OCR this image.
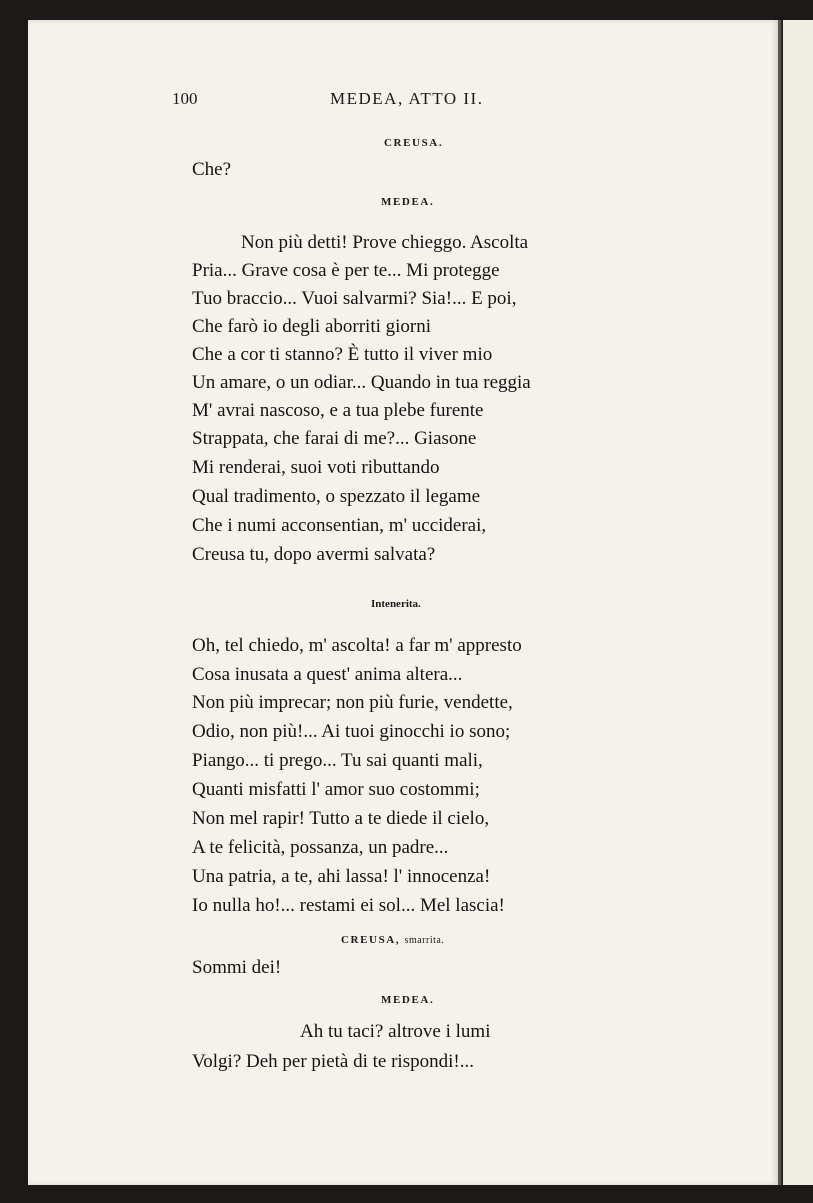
100	MEDEA, ATTO II.
CREUSA.
Che?
MEDEA.
Non più detti! Prove chieggo. Ascolta
Pria... Grave cosa è per te... Mi protegge
Tuo braccio... Vuoi salvarmi? Sia!... E poi,
Che farò io degli aborriti giorni
Che a cor ti stanno? È tutto il viver mio
Un amare, o un odiar... Quando in tua reggia
M' avrai nascoso, e a tua plebe furente
Strappata, che farai di me?... Giasone
Mi renderai, suoi voti ributtando
Qual tradimento, o spezzato il legame
Che i numi acconsentian, m' ucciderai,
Creusa tu, dopo avermi salvata?
Intenerita.
Oh, tel chiedo, m' ascolta! a far m' appresto
Cosa inusata a quest' anima altera...
Non più imprecar; non più furie, vendette,
Odio, non più!... Ai tuoi ginocchi io sono;
Piango... ti prego... Tu sai quanti mali,
Quanti misfatti l' amor suo costommi;
Non mel rapir! Tutto a te diede il cielo,
A te felicità, possanza, un padre...
Una patria, a te, ahi lassa! l' innocenza!
Io nulla ho!... restami ei sol... Mel lascia!
CREUSA, smarrita.
Sommi dei!
MEDEA.
Ah tu taci? altrove i lumi
Volgi? Deh per pietà di te rispondi!...
